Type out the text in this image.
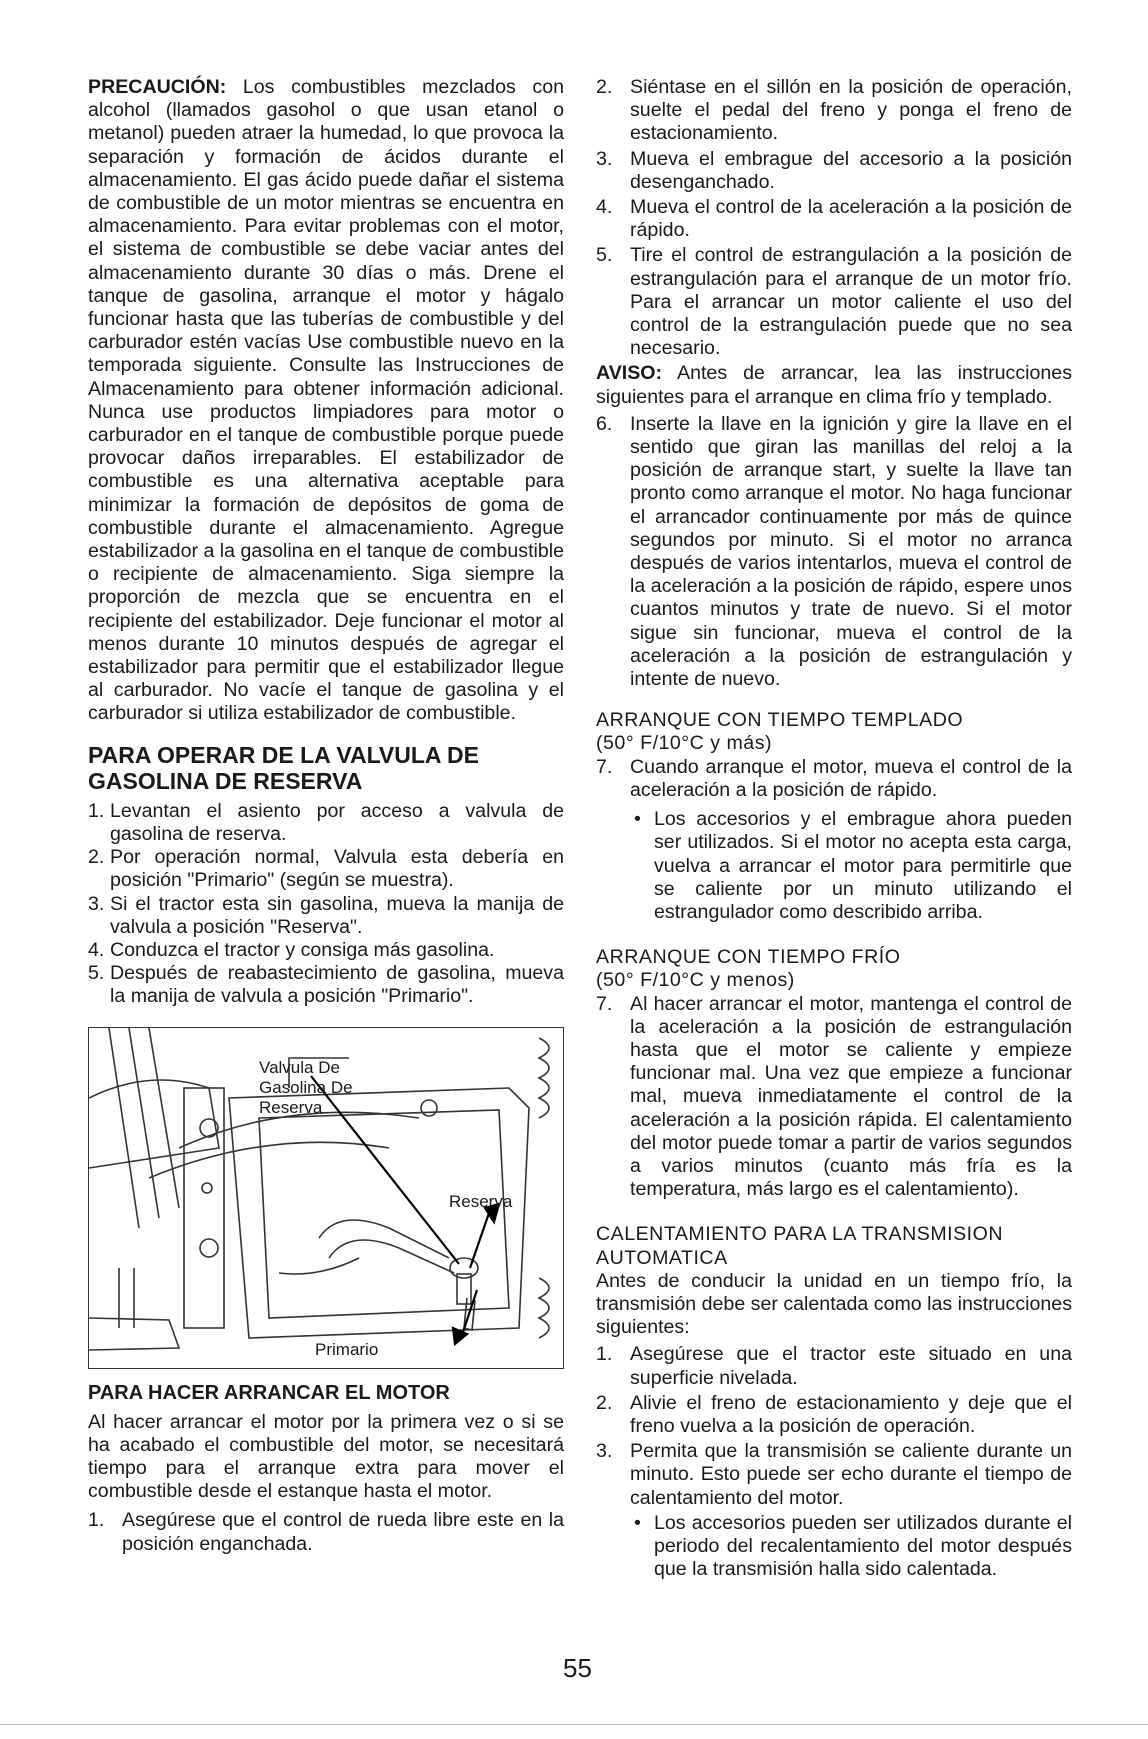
PRECAUCIÓN: Los combustibles mezclados con alcohol (llamados gasohol o que usan etanol o metanol) pueden atraer la humedad, lo que provoca la separación y formación de ácidos durante el almacenamiento. El gas ácido puede dañar el sistema de combustible de un motor mientras se encuentra en almacenamiento. Para evitar problemas con el motor, el sistema de combustible se debe vaciar antes del almacenamiento durante 30 días o más. Drene el tanque de gasolina, arranque el motor y hágalo funcionar hasta que las tuberías de combustible y del carburador estén vacías Use combustible nuevo en la temporada siguiente. Consulte las Instrucciones de Almacenamiento para obtener información adicional. Nunca use productos limpiadores para motor o carburador en el tanque de combustible porque puede provocar daños irreparables. El estabilizador de combustible es una alternativa aceptable para minimizar la formación de depósitos de goma de combustible durante el almacenamiento. Agregue estabilizador a la gasolina en el tanque de combustible o recipiente de almacenamiento. Siga siempre la proporción de mezcla que se encuentra en el recipiente del estabilizador. Deje funcionar el motor al menos durante 10 minutos después de agregar el estabilizador para permitir que el estabilizador llegue al carburador. No vacíe el tanque de gasolina y el carburador si utiliza estabilizador de combustible.

PARA OPERAR DE LA VALVULA DE GASOLINA DE RESERVA
1. Levantan el asiento por acceso a valvula de gasolina de reserva.
2. Por operación normal, Valvula esta debería en posición "Primario" (según se muestra).
3. Si el tractor esta sin gasolina, mueva la manija de valvula a posición "Reserva".
4. Conduzca el tractor y consiga más gasolina.
5. Después de reabastecimiento de gasolina, mueva la manija de valvula a posición "Primario".
Valvula De
Gasolina De
Reserva
Reserva
Primario
PARA HACER ARRANCAR EL MOTOR

Al hacer arrancar el motor por la primera vez o si se ha acabado el combustible del motor, se necesitará tiempo para el arranque extra para mover el combustible desde el estanque hasta el motor.

1. Asegúrese que el control de rueda libre este en la posición enganchada.
2. Siéntase en el sillón en la posición de operación, suelte el pedal del freno y ponga el freno de estacionamiento.
3. Mueva el embrague del accesorio a la posición desenganchado.
4. Mueva el control de la aceleración a la posición de rápido.
5. Tire el control de estrangulación a la posición de estrangulación para el arranque de un motor frío. Para el arrancar un motor caliente el uso del control de la estrangulación puede que no sea necesario.

AVISO: Antes de arrancar, lea las instrucciones siguientes para el arranque en clima frío y templado.

6. Inserte la llave en la ignición y gire la llave en el sentido que giran las manillas del reloj a la posición de arranque start, y suelte la llave tan pronto como arranque el motor. No haga funcionar el arrancador continuamente por más de quince segundos por minuto. Si el motor no arranca después de varios intentarlos, mueva el control de la aceleración a la posición de rápido, espere unos cuantos minutos y trate de nuevo. Si el motor sigue sin funcionar, mueva el control de la aceleración a la posición de estrangulación y intente de nuevo.
ARRANQUE CON TIEMPO TEMPLADO
(50° F/10°C y más)
7. Cuando arranque el motor, mueva el control de la aceleración a la posición de rápido.
• Los accesorios y el embrague ahora pueden ser utilizados. Si el motor no acepta esta carga, vuelva a arrancar el motor para permitirle que se caliente por un minuto utilizando el estrangulador como describido arriba.
ARRANQUE CON TIEMPO FRÍO
(50° F/10°C y menos)
7. Al hacer arrancar el motor, mantenga el control de la aceleración a la posición de estrangulación hasta que el motor se caliente y empieze funcionar mal. Una vez que empieze a funcionar mal, mueva inmediatamente el control de la aceleración a la posición rápida. El calentamiento del motor puede tomar a partir de varios segundos a varios minutos (cuanto más fría es la temperatura, más largo es el calentamiento).
CALENTAMIENTO PARA LA TRANSMISION
AUTOMATICA

Antes de conducir la unidad en un tiempo frío, la transmisión debe ser calentada como las instrucciones siguientes:

1. Asegúrese que el tractor este situado en una superficie nivelada.
2. Alivie el freno de estacionamiento y deje que el freno vuelva a la posición de operación.
3. Permita que la transmisión se caliente durante un minuto. Esto puede ser echo durante el tiempo de calentamiento del motor.
• Los accesorios pueden ser utilizados durante el periodo del recalentamiento del motor después que la transmisión halla sido calentada.
55
